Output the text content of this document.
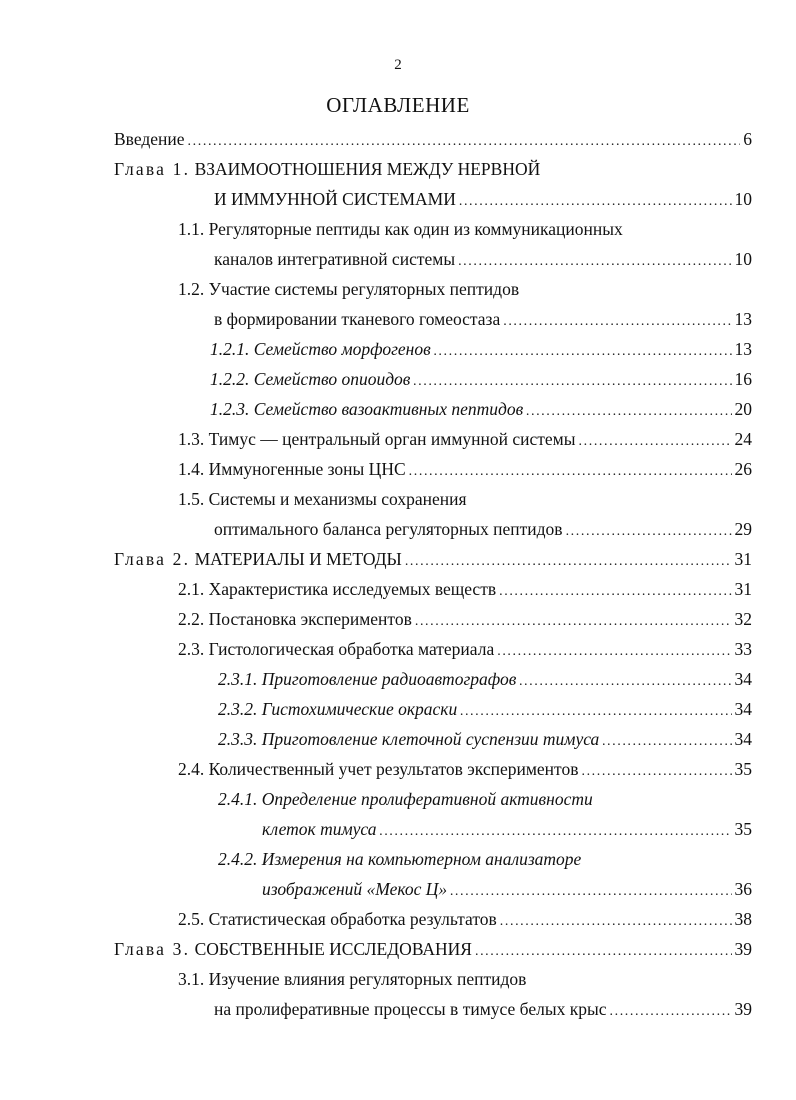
2
ОГЛАВЛЕНИЕ
Введение .....	6
Глава 1. ВЗАИМООТНОШЕНИЯ МЕЖДУ НЕРВНОЙ
И ИММУННОЙ СИСТЕМАМИ .....	10
1.1. Регуляторные пептиды как один из коммуникационных
каналов интегративной системы .....	10
1.2. Участие системы регуляторных пептидов
в формировании тканевого гомеостаза .....	13
1.2.1. Семейство морфогенов .....	13
1.2.2. Семейство опиоидов .....	16
1.2.3. Семейство вазоактивных пептидов .....	20
1.3. Тимус — центральный орган иммунной системы .....	24
1.4. Иммуногенные зоны ЦНС .....	26
1.5. Системы и механизмы сохранения
оптимального баланса регуляторных пептидов .....	29
Глава 2. МАТЕРИАЛЫ И МЕТОДЫ .....	31
2.1. Характеристика исследуемых веществ .....	31
2.2. Постановка экспериментов .....	32
2.3. Гистологическая обработка материала .....	33
2.3.1. Приготовление радиоавтографов .....	34
2.3.2. Гистохимические окраски .....	34
2.3.3. Приготовление клеточной суспензии тимуса .....	34
2.4. Количественный учет результатов экспериментов .....	35
2.4.1. Определение пролиферативной активности
клеток тимуса .....	35
2.4.2. Измерения на компьютерном анализаторе
изображений «Мекос Ц» .....	36
2.5. Статистическая обработка результатов .....	38
Глава 3. СОБСТВЕННЫЕ ИССЛЕДОВАНИЯ .....	39
3.1. Изучение влияния регуляторных пептидов
на пролиферативные процессы в тимусе белых крыс .....	39
